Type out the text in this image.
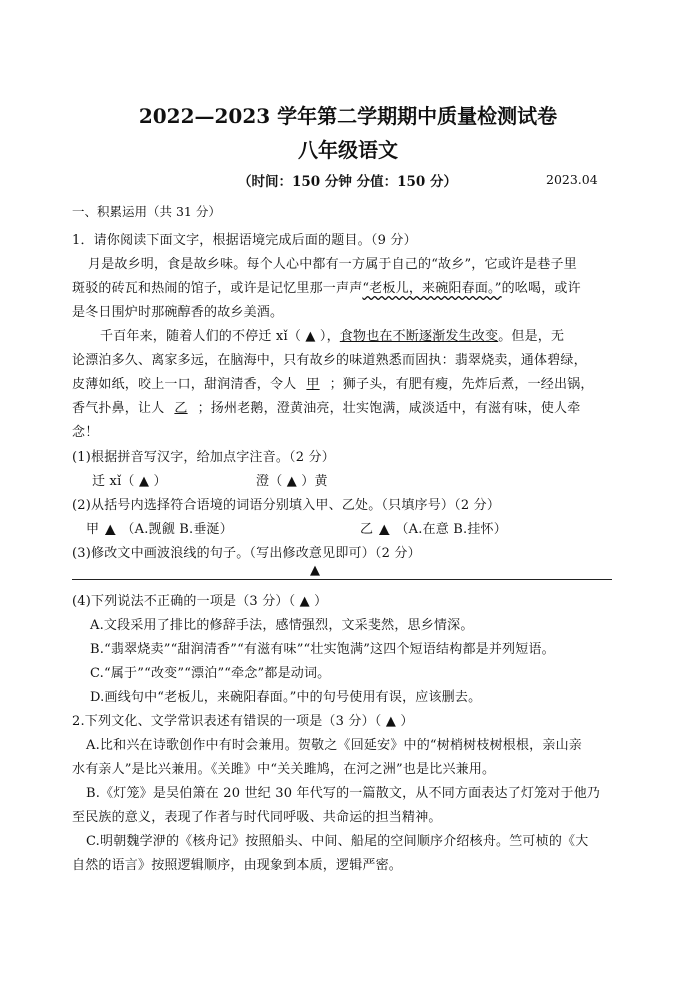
2022—2023 学年第二学期期中质量检测试卷
八年级语文
（时间：150 分钟 分值：150 分）	2023.04
一、积累运用（共 31 分）
1．请你阅读下面文字，根据语境完成后面的题目。（9 分）
月是故乡明，食是故乡味。每个人心中都有一方属于自己的“故乡”，它或许是巷子里
斑驳的砖瓦和热闹的馆子，或许是记忆里那一声声“老板儿，来碗阳春面。”的吆喝，或许
是冬日围炉时那碗醇香的故乡美酒。
千百年来，随着人们的不停迁 xǐ（ ▲ ），食物也在不断逐渐发生改变。但是，无
论漂泊多久、离家多远，在脑海中，只有故乡的味道熟悉而固执：翡翠烧卖，通体碧绿，
皮薄如纸，咬上一口，甜润清香，令人 甲 ；狮子头，有肥有瘦，先炸后煮，一经出锅，
香气扑鼻，让人 乙 ；扬州老鹅，澄黄油亮，壮实饱满，咸淡适中，有滋有味，使人牵
念！
(1)根据拼音写汉字，给加点字注音。（2 分）
迁 xǐ（ ▲ ）	澄（ ▲ ）黄
(2)从括号内选择符合语境的词语分别填入甲、乙处。（只填序号）（2 分）
甲 ▲ （A.觊觎 B.垂涎）	乙 ▲ （A.在意 B.挂怀）
(3)修改文中画波浪线的句子。（写出修改意见即可）（2 分）
▲
(4)下列说法不正确的一项是（3 分）（ ▲ ）
A.文段采用了排比的修辞手法，感情强烈，文采斐然，思乡情深。
B.“翡翠烧卖”“甜润清香”“有滋有味”“壮实饱满”这四个短语结构都是并列短语。
C.“属于”“改变”“漂泊”“牵念”都是动词。
D.画线句中“老板儿，来碗阳春面。”中的句号使用有误，应该删去。
2.下列文化、文学常识表述有错误的一项是（3 分）（ ▲ ）
A.比和兴在诗歌创作中有时会兼用。贺敬之《回延安》中的“树梢树枝树根根，亲山亲
水有亲人”是比兴兼用。《关雎》中“关关雎鸠，在河之洲”也是比兴兼用。
B.《灯笼》是吴伯箫在 20 世纪 30 年代写的一篇散文，从不同方面表达了灯笼对于他乃
至民族的意义，表现了作者与时代同呼吸、共命运的担当精神。
C.明朝魏学洢的《核舟记》按照船头、中间、船尾的空间顺序介绍核舟。竺可桢的《大
自然的语言》按照逻辑顺序，由现象到本质，逻辑严密。
